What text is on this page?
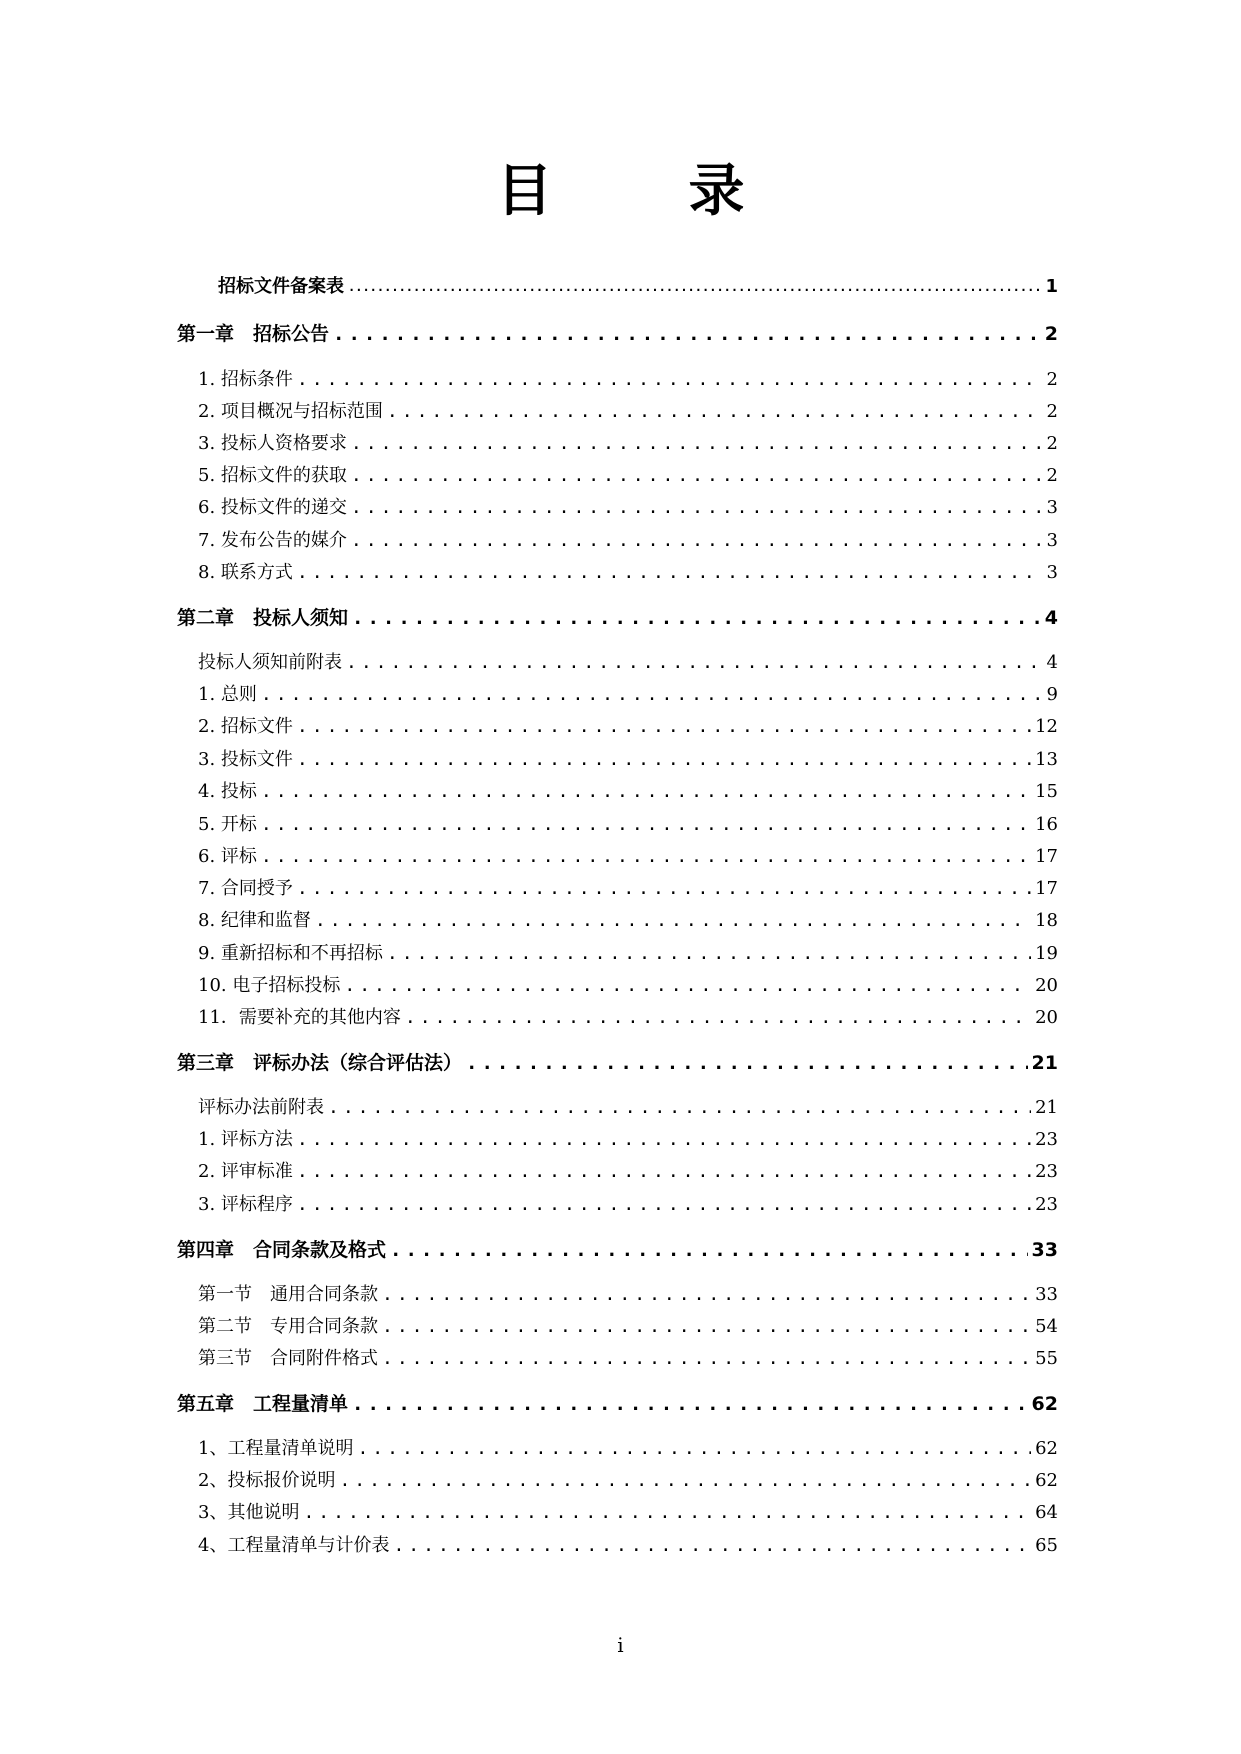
目　录
招标文件备案表 .....	1
第一章　招标公告 .....	2
1. 招标条件 .....	2
2. 项目概况与招标范围 .....	2
3. 投标人资格要求 .....	2
5. 招标文件的获取 .....	2
6. 投标文件的递交 .....	3
7. 发布公告的媒介 .....	3
8. 联系方式 .....	3
第二章　投标人须知 .....	4
投标人须知前附表 .....	4
1. 总则 .....	9
2. 招标文件 .....	12
3. 投标文件 .....	13
4. 投标 .....	15
5. 开标 .....	16
6. 评标 .....	17
7. 合同授予 .....	17
8. 纪律和监督 .....	18
9. 重新招标和不再招标 .....	19
10. 电子招标投标 .....	20
11．需要补充的其他内容 .....	20
第三章　评标办法（综合评估法） .....	21
评标办法前附表 .....	21
1. 评标方法 .....	23
2. 评审标准 .....	23
3. 评标程序 .....	23
第四章　合同条款及格式 .....	33
第一节　通用合同条款 .....	33
第二节　专用合同条款 .....	54
第三节　合同附件格式 .....	55
第五章　工程量清单 .....	62
1、工程量清单说明 .....	62
2、投标报价说明 .....	62
3、其他说明 .....	64
4、工程量清单与计价表 .....	65
i
